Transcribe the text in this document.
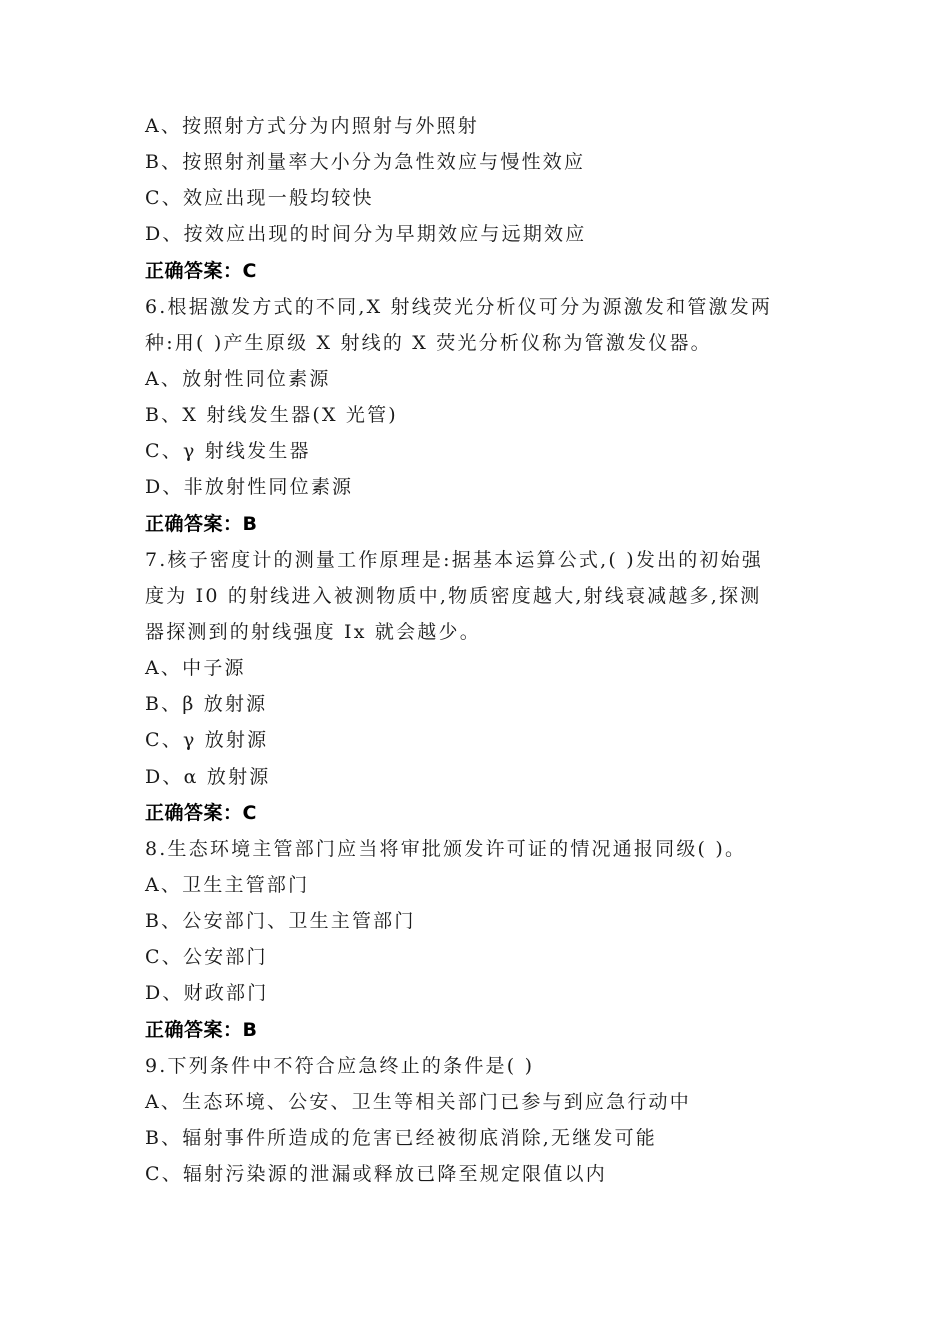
A、按照射方式分为内照射与外照射
B、按照射剂量率大小分为急性效应与慢性效应
C、效应出现一般均较快
D、按效应出现的时间分为早期效应与远期效应
正确答案：C
6.根据激发方式的不同,X 射线荧光分析仪可分为源激发和管激发两
种:用( )产生原级 X 射线的 X 荧光分析仪称为管激发仪器。
A、放射性同位素源
B、X 射线发生器(X 光管)
C、γ 射线发生器
D、非放射性同位素源
正确答案：B
7.核子密度计的测量工作原理是:据基本运算公式,( )发出的初始强
度为 I0 的射线进入被测物质中,物质密度越大,射线衰减越多,探测
器探测到的射线强度 Ix 就会越少。
A、中子源
B、β 放射源
C、γ 放射源
D、α 放射源
正确答案：C
8.生态环境主管部门应当将审批颁发许可证的情况通报同级( )。
A、卫生主管部门
B、公安部门、卫生主管部门
C、公安部门
D、财政部门
正确答案：B
9.下列条件中不符合应急终止的条件是( )
A、生态环境、公安、卫生等相关部门已参与到应急行动中
B、辐射事件所造成的危害已经被彻底消除,无继发可能
C、辐射污染源的泄漏或释放已降至规定限值以内
